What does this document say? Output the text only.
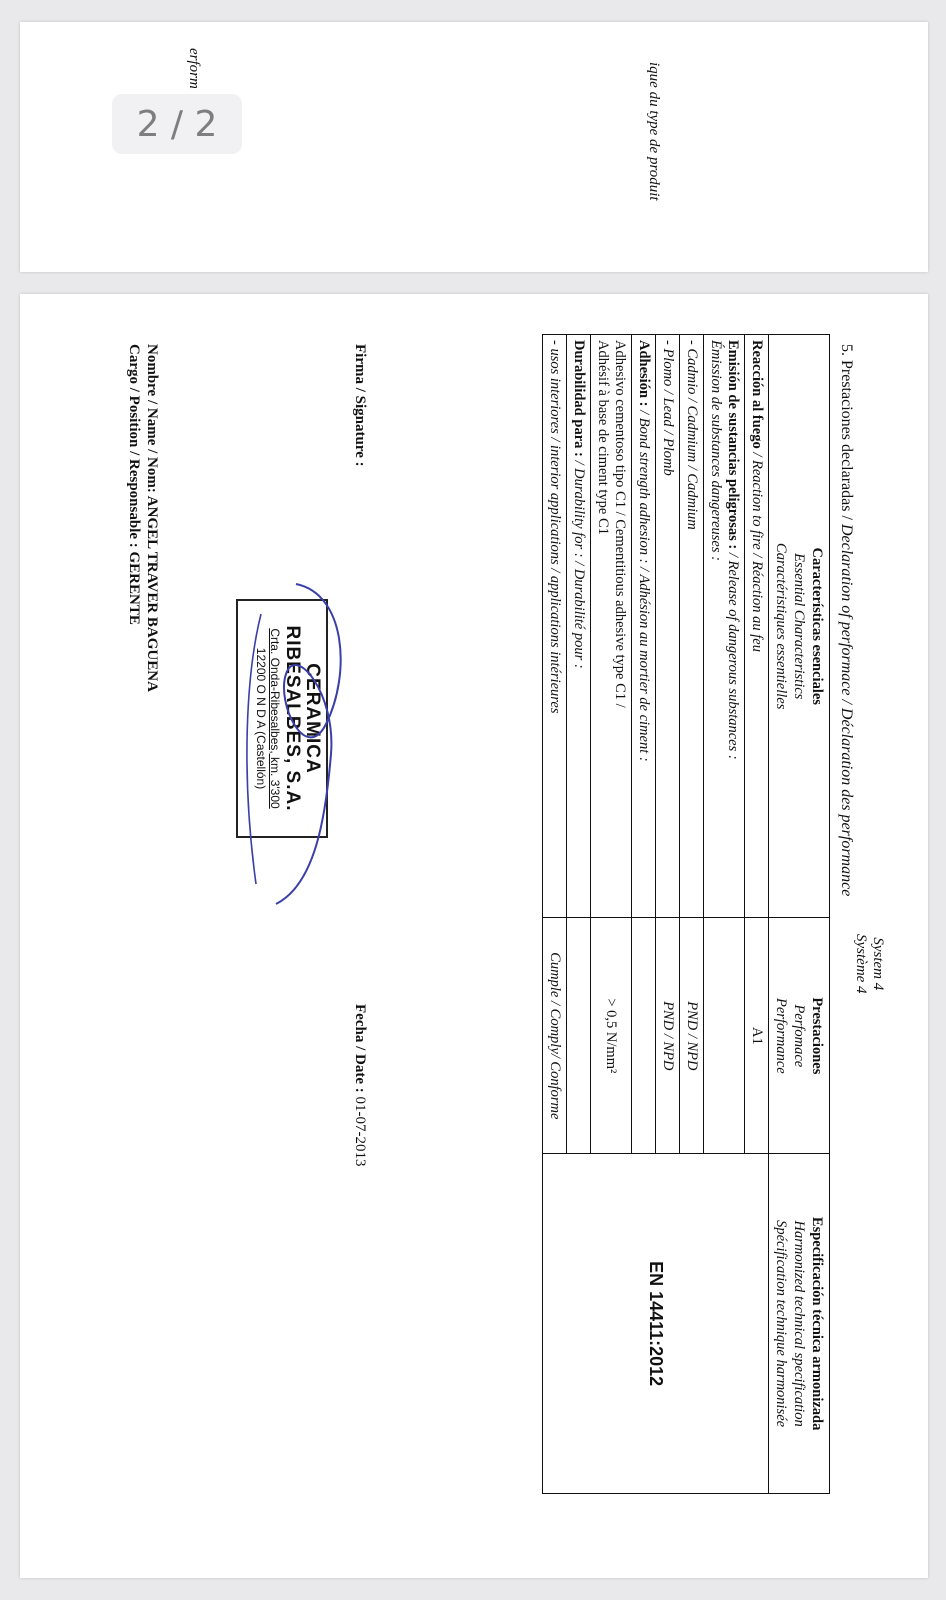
ique du type de produit
erform
2 / 2
System 4
Système 4
5. Prestaciones declaradas / Declaration of performace / Déclaration des performance
Características esenciales
Essential Characteristics
Caractéristiques essentielles	Prestaciones
Perfomace
Performance	Especificación técnica armonizada
Harmonized technical specification
Spécification technique harmonisée

Reacción al fuego / Reaction to fire / Réaction au feu	A1	EN 14411:2012

Emisión de sustancias peligrosas : / Release of dangerous substances :
Émission de substances dangereuses :		

- Cadmio / Cadmium / Cadmium	PND / NPD	
- Plomo / Lead / Plomb	PND / NPD	
Adhesión : / Bond strength adhesion : / Adhésion au mortier de ciment :		

Adhesivo cementoso tipo C1 / Cementitious adhesive type C1 /
Adhésif à base de ciment type C1	> 0,5 N/mm²	
Durabilidad para : / Durability for : / Durabilité pour :		
- usos interiores / interior applications / applications intérieures	Cumple / Comply/ Conforme	
Firma / Signature :
Fecha / Date : 01-07-2013
CERAMICA
RIBESALBES, S.A.
Crta. Onda-Ribesalbes, km. 3'300
12200 O N D A (Castellón)
Nombre / Name / Nom: ANGEL TRAVER BAGUENA
Cargo / Position / Responsable : GERENTE
